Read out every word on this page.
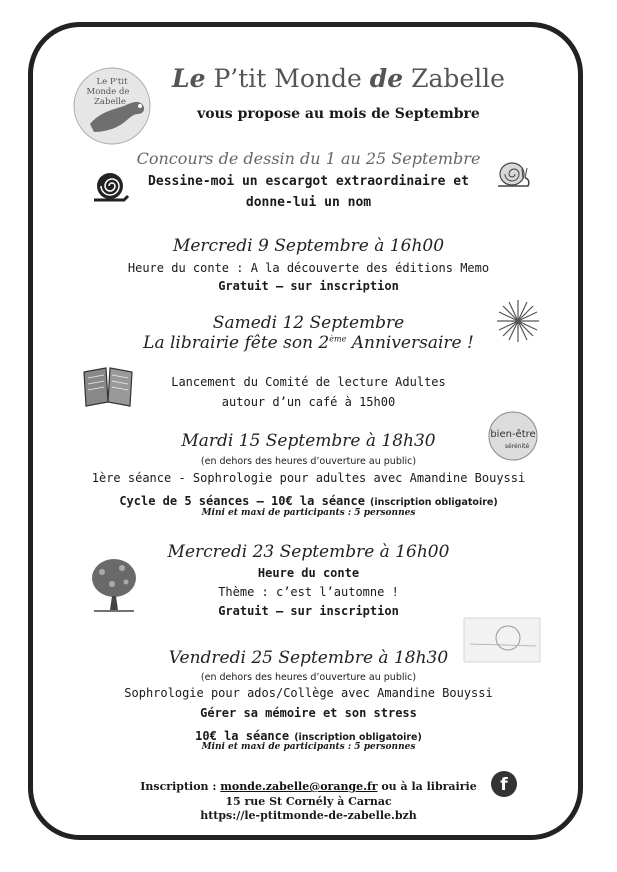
Le P'tit
Monde de
Zabelle
Le P’tit Monde de Zabelle
vous propose au mois de Septembre
Concours de dessin du 1 au 25 Septembre
Dessine-moi un escargot extraordinaire et
donne-lui un nom
Mercredi 9 Septembre à 16h00
Heure du conte : A la découverte des éditions Memo
Gratuit – sur inscription
Samedi 12 Septembre
La librairie fête son 2ème Anniversaire !
Lancement du Comité de lecture Adultes
autour d’un café à 15h00
Mardi 15 Septembre à 18h30
(en dehors des heures d’ouverture au public)
1ère séance - Sophrologie pour adultes avec Amandine Bouyssi
Cycle de 5 séances – 10€ la séance (inscription obligatoire)
Mini et maxi de participants : 5 personnes
bien-être
sérénité
Mercredi 23 Septembre à 16h00
Heure du conte
Thème : c’est l’automne !
Gratuit – sur inscription
Vendredi 25 Septembre à 18h30
(en dehors des heures d’ouverture au public)
Sophrologie pour ados/Collège avec Amandine Bouyssi
Gérer sa mémoire et son stress
10€ la séance (inscription obligatoire)
Mini et maxi de participants : 5 personnes
Inscription : monde.zabelle@orange.fr ou à la librairie
15 rue St Cornély à Carnac
https://le-ptitmonde-de-zabelle.bzh
f
